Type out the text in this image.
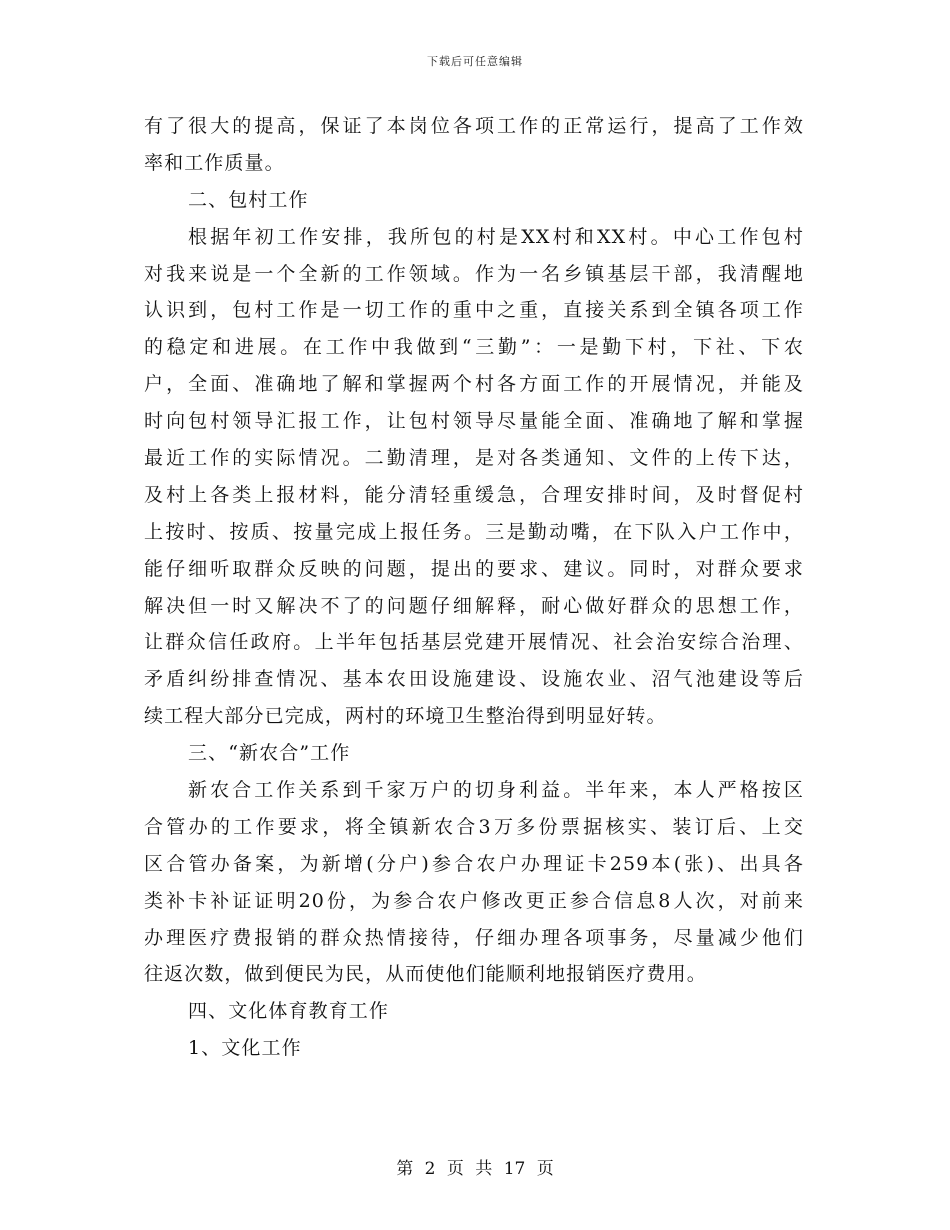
下载后可任意编辑
有了很大的提高，保证了本岗位各项工作的正常运行，提高了工作效
率和工作质量。
二、包村工作
根据年初工作安排，我所包的村是XX村和XX村。中心工作包村
对我来说是一个全新的工作领域。作为一名乡镇基层干部，我清醒地
认识到，包村工作是一切工作的重中之重，直接关系到全镇各项工作
的稳定和进展。在工作中我做到“三勤”：一是勤下村，下社、下农
户，全面、准确地了解和掌握两个村各方面工作的开展情况，并能及
时向包村领导汇报工作，让包村领导尽量能全面、准确地了解和掌握
最近工作的实际情况。二勤清理，是对各类通知、文件的上传下达，
及村上各类上报材料，能分清轻重缓急，合理安排时间，及时督促村
上按时、按质、按量完成上报任务。三是勤动嘴，在下队入户工作中，
能仔细听取群众反映的问题，提出的要求、建议。同时，对群众要求
解决但一时又解决不了的问题仔细解释，耐心做好群众的思想工作，
让群众信任政府。上半年包括基层党建开展情况、社会治安综合治理、
矛盾纠纷排查情况、基本农田设施建设、设施农业、沼气池建设等后
续工程大部分已完成，两村的环境卫生整治得到明显好转。
三、“新农合”工作
新农合工作关系到千家万户的切身利益。半年来，本人严格按区
合管办的工作要求，将全镇新农合3万多份票据核实、装订后、上交
区合管办备案，为新增(分户)参合农户办理证卡259本(张)、出具各
类补卡补证证明20份，为参合农户修改更正参合信息8人次，对前来
办理医疗费报销的群众热情接待，仔细办理各项事务，尽量减少他们
往返次数，做到便民为民，从而使他们能顺利地报销医疗费用。
四、文化体育教育工作
1、文化工作
第 2 页 共 17 页
